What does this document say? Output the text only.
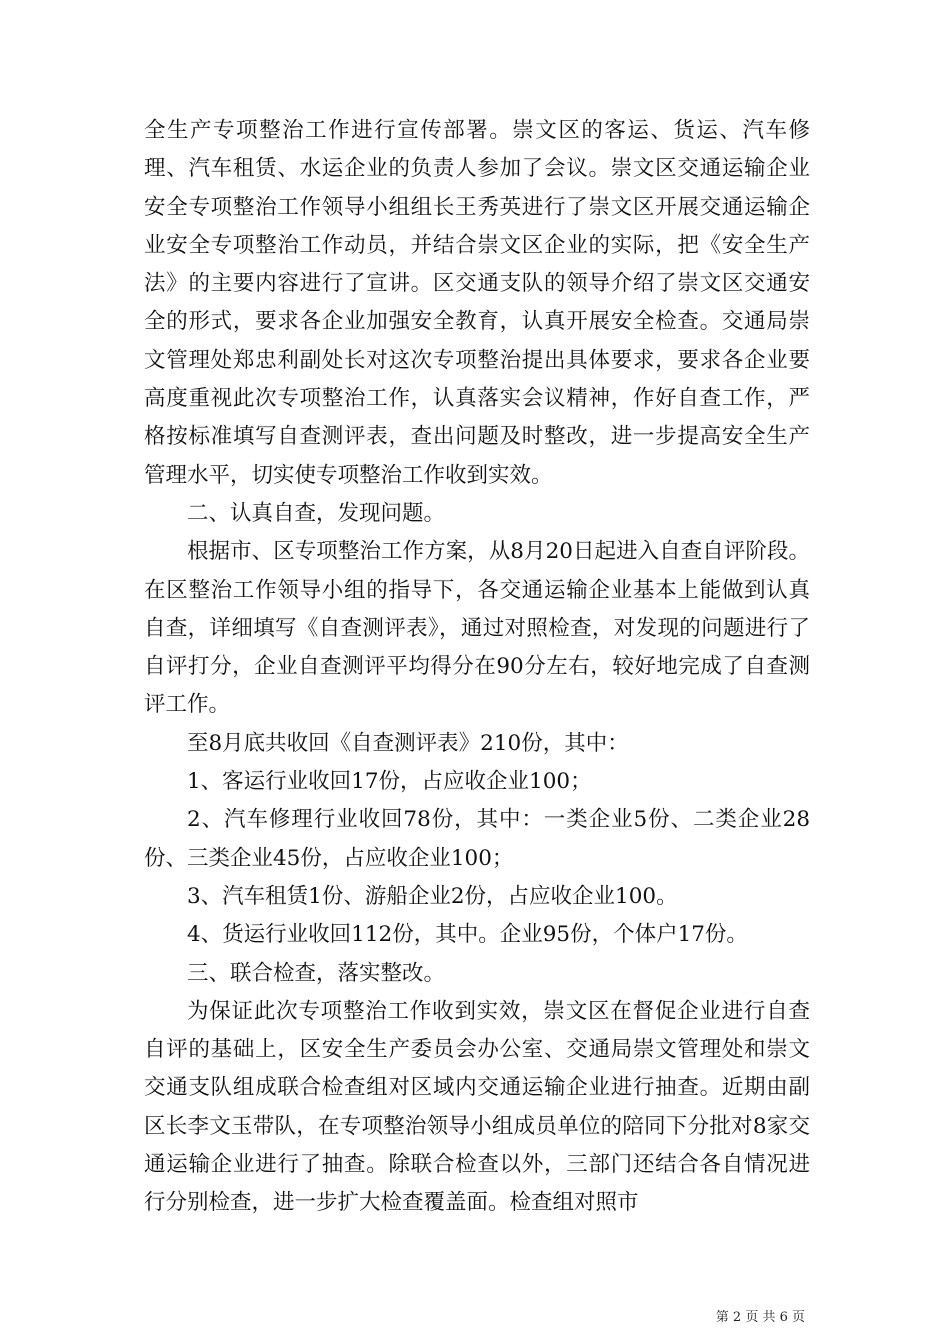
全生产专项整治工作进行宣传部署。崇文区的客运、货运、汽车修理、汽车租赁、水运企业的负责人参加了会议。崇文区交通运输企业安全专项整治工作领导小组组长王秀英进行了崇文区开展交通运输企业安全专项整治工作动员，并结合崇文区企业的实际，把《安全生产法》的主要内容进行了宣讲。区交通支队的领导介绍了崇文区交通安全的形式，要求各企业加强安全教育，认真开展安全检查。交通局崇文管理处郑忠利副处长对这次专项整治提出具体要求，要求各企业要高度重视此次专项整治工作，认真落实会议精神，作好自查工作，严格按标准填写自查测评表，查出问题及时整改，进一步提高安全生产管理水平，切实使专项整治工作收到实效。

二、认真自查，发现问题。

根据市、区专项整治工作方案，从8月20日起进入自查自评阶段。在区整治工作领导小组的指导下，各交通运输企业基本上能做到认真自查，详细填写《自查测评表》，通过对照检查，对发现的问题进行了自评打分，企业自查测评平均得分在90分左右，较好地完成了自查测评工作。

至8月底共收回《自查测评表》210份，其中：

1、客运行业收回17份，占应收企业100；

2、汽车修理行业收回78份，其中：一类企业5份、二类企业28份、三类企业45份，占应收企业100；

3、汽车租赁1份、游船企业2份，占应收企业100。

4、货运行业收回112份，其中。企业95份，个体户17份。

三、联合检查，落实整改。

为保证此次专项整治工作收到实效，崇文区在督促企业进行自查自评的基础上，区安全生产委员会办公室、交通局崇文管理处和崇文交通支队组成联合检查组对区域内交通运输企业进行抽查。近期由副区长李文玉带队，在专项整治领导小组成员单位的陪同下分批对8家交通运输企业进行了抽查。除联合检查以外，三部门还结合各自情况进行分别检查，进一步扩大检查覆盖面。检查组对照市

第 2 页 共 6 页
